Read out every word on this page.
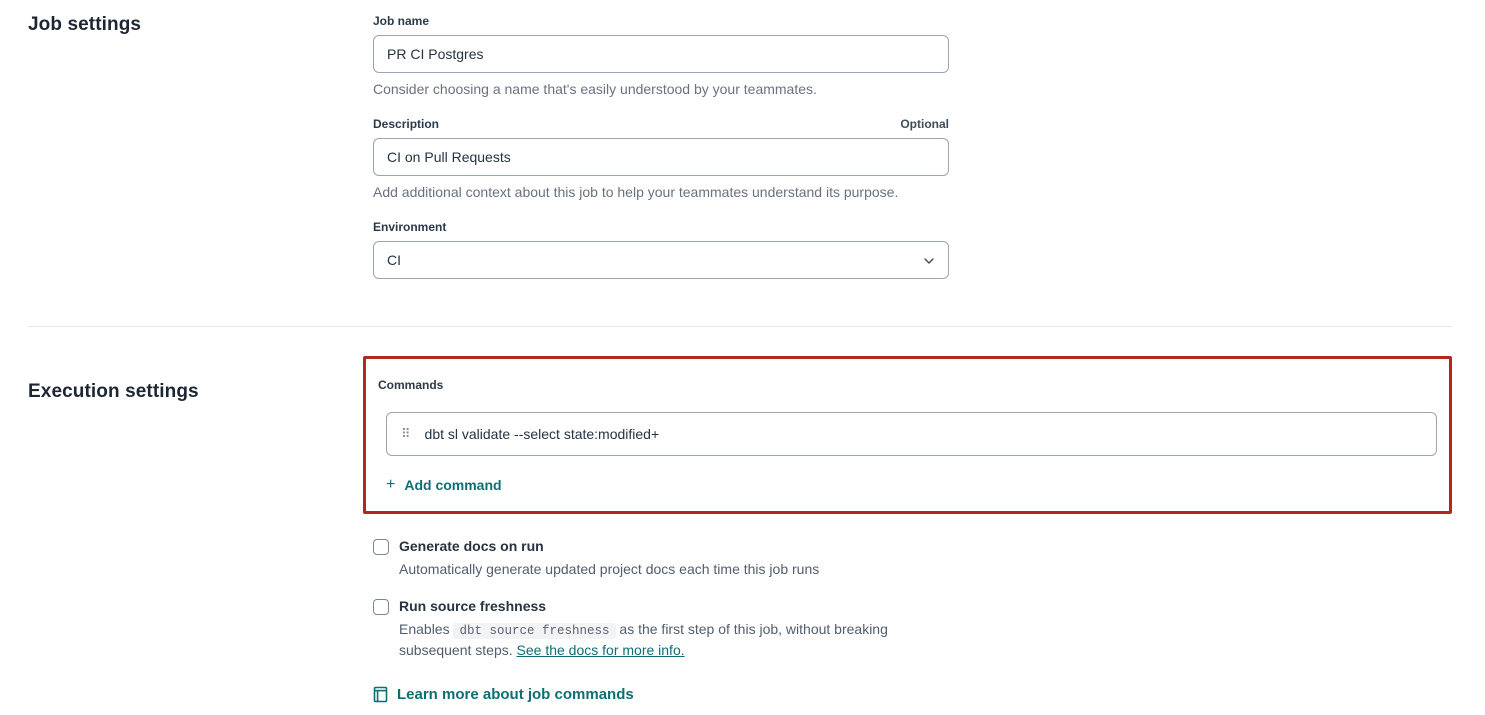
Job settings	Job name
PR CI Postgres

Consider choosing a name that's easily understood by your teammates.

Description	Optional
CI on Pull Requests

Add additional context about this job to help your teammates understand its purpose.

Environment
CI
Execution settings	Commands
⠿
dbt sl validate --select state:modified+
+ Add command
Generate docs on run
Automatically generate updated project docs each time this job runs
Run source freshness
Enables dbt source freshness as the first step of this job, without breaking subsequent steps. See the docs for more info.
Learn more about job commands
